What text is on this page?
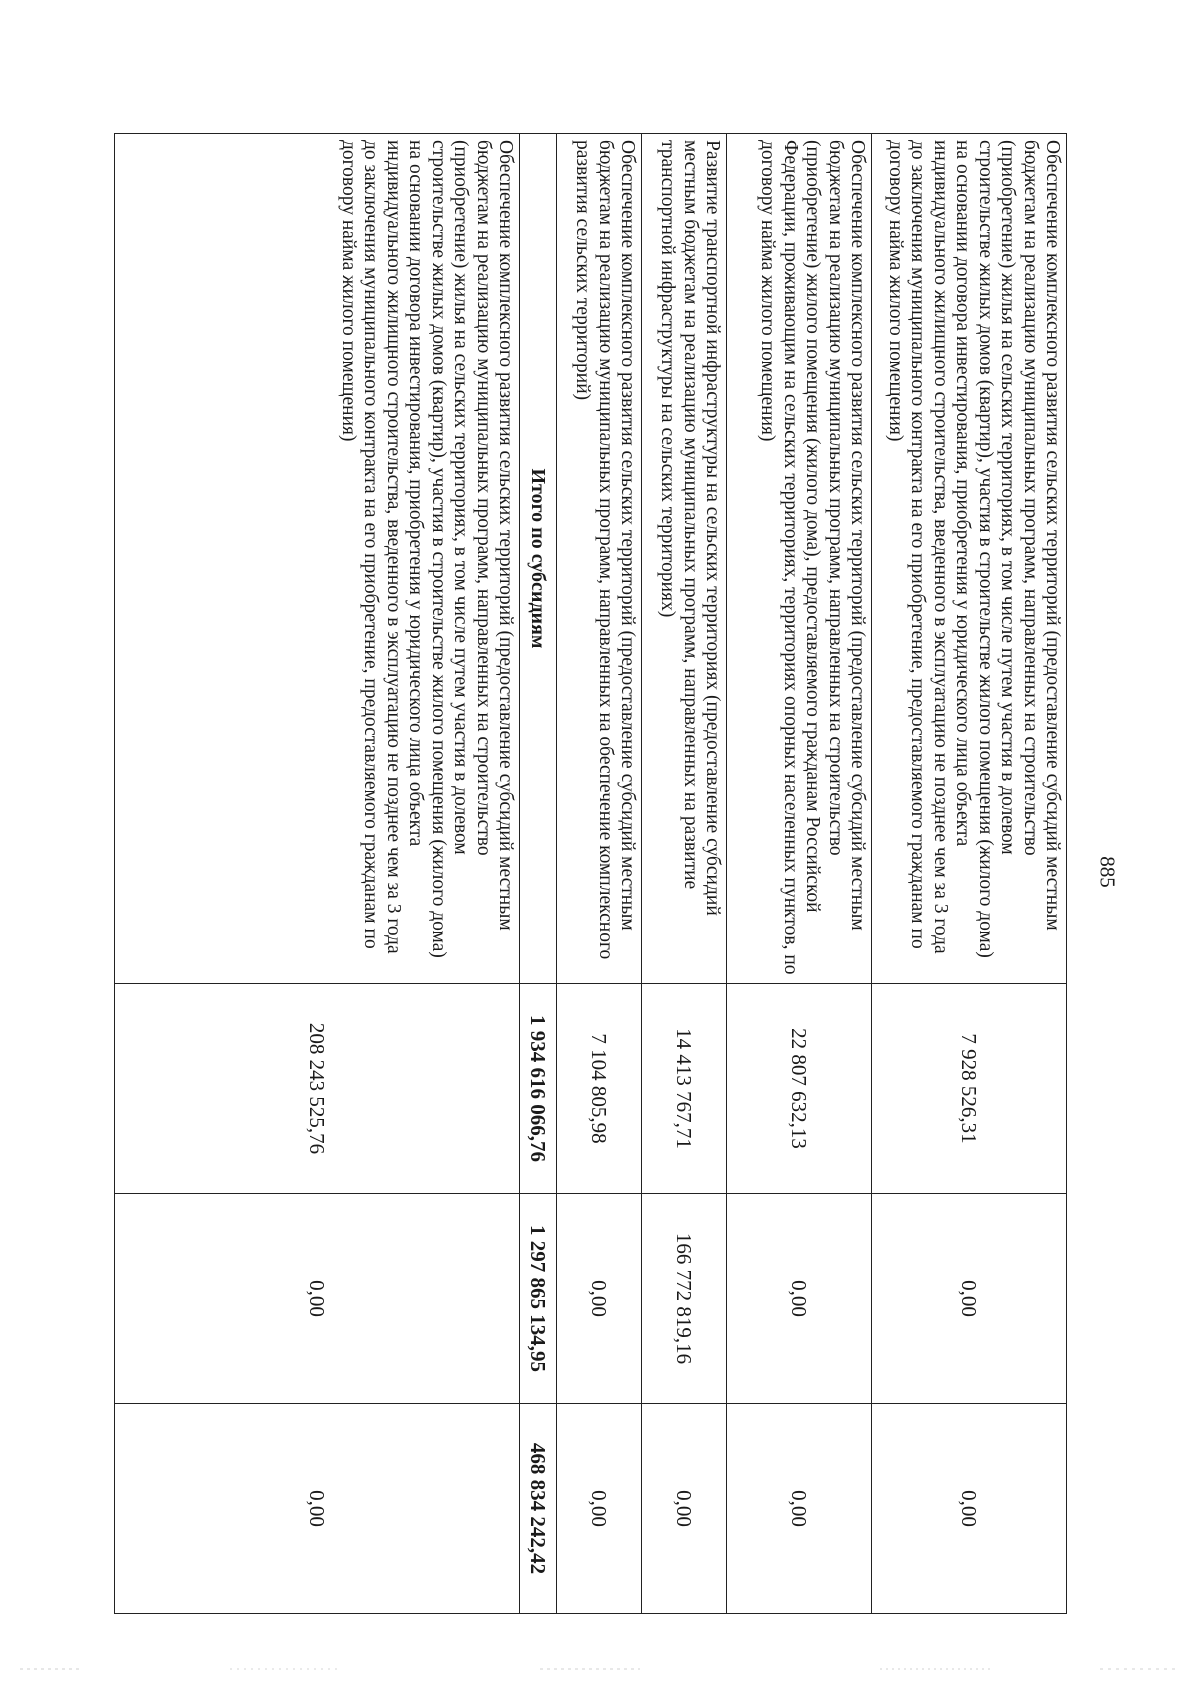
885
Обеспечение комплексного развития сельских территорий (предоставление субсидий местным бюджетам на реализацию муниципальных программ, направленных на строительство (приобретение) жилья на сельских территориях, в том числе путем участия в долевом строительстве жилых домов (квартир), участия в строительстве жилого помещения (жилого дома) на основании договора инвестирования, приобретения у юридического лица объекта индивидуального жилищного строительства, введенного в эксплуатацию не позднее чем за 3 года до заключения муниципального контракта на его приобретение, предоставляемого гражданам по договору найма жилого помещения)	7 928 526,31	0,00	0,00
Обеспечение комплексного развития сельских территорий (предоставление субсидий местным бюджетам на реализацию муниципальных программ, направленных на строительство (приобретение) жилого помещения (жилого дома), предоставляемого гражданам Российской Федерации, проживающим на сельских территориях, территориях опорных населенных пунктов, по договору найма жилого помещения)	22 807 632,13	0,00	0,00
Развитие транспортной инфраструктуры на сельских территориях (предоставление субсидий местным бюджетам на реализацию муниципальных программ, направленных на развитие транспортной инфраструктуры на сельских территориях)	14 413 767,71	166 772 819,16	0,00
Обеспечение комплексного развития сельских территорий (предоставление субсидий местным бюджетам на реализацию муниципальных программ, направленных на обеспечение комплексного развития сельских территорий)	7 104 805,98	0,00	0,00
Итого по субсидиям	1 934 616 066,76	1 297 865 134,95	468 834 242,42
Обеспечение комплексного развития сельских территорий (предоставление субсидий местным бюджетам на реализацию муниципальных программ, направленных на строительство (приобретение) жилья на сельских территориях, в том числе путем участия в долевом строительстве жилых домов (квартир), участия в строительстве жилого помещения (жилого дома) на основании договора инвестирования, приобретения у юридического лица объекта индивидуального жилищного строительства, введенного в эксплуатацию не позднее чем за 3 года до заключения муниципального контракта на его приобретение, предоставляемого гражданам по договору найма жилого помещения)	208 243 525,76	0,00	0,00
